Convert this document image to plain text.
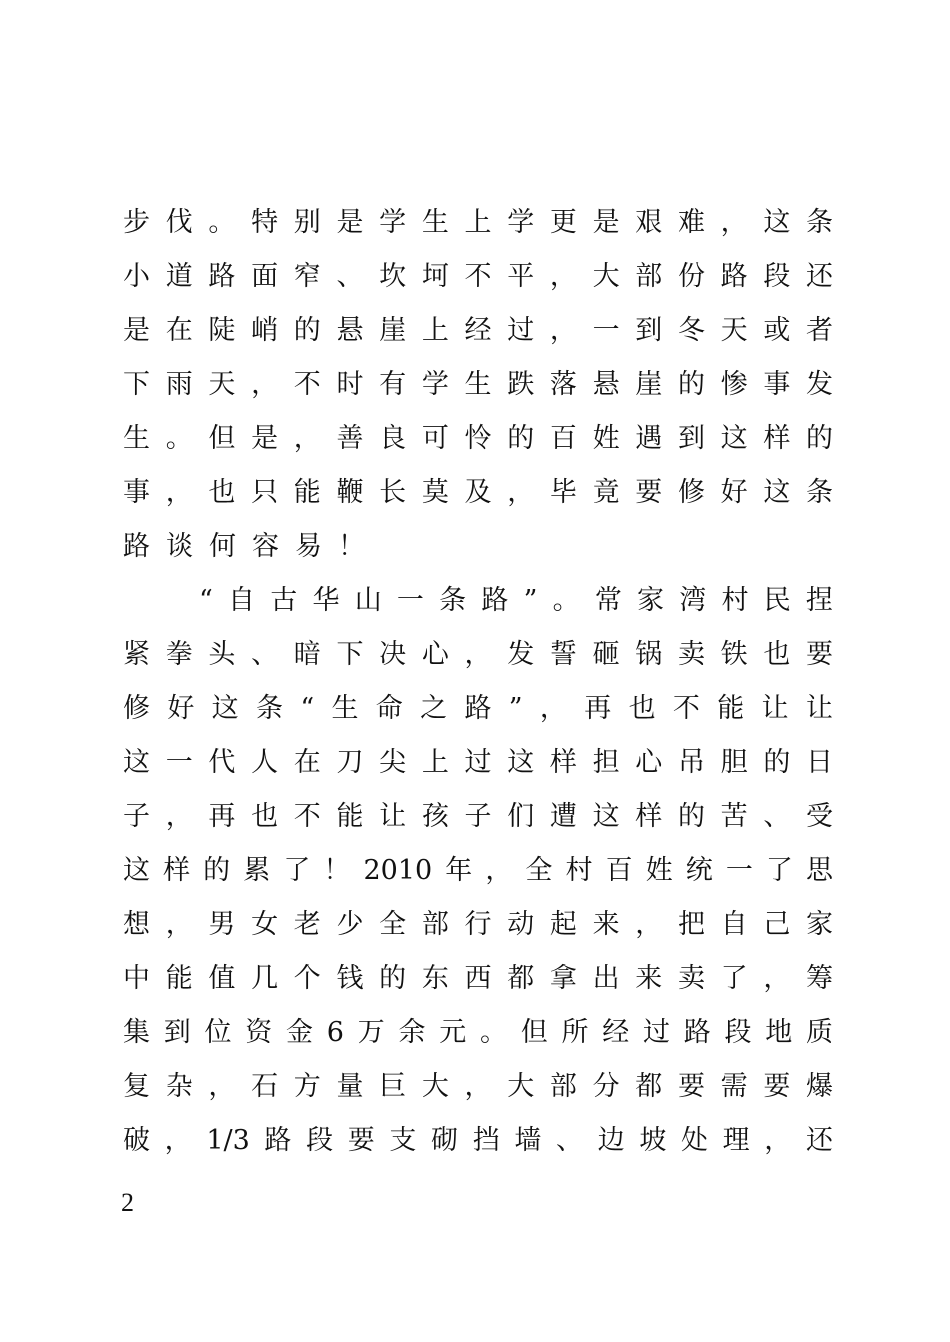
步 伐 。 特 别 是 学 生 上 学 更 是 艰 难 ， 这 条
小 道 路 面 窄 、 坎 坷 不 平 ， 大 部 份 路 段 还
是 在 陡 峭 的 悬 崖 上 经 过 ， 一 到 冬 天 或 者
下 雨 天 ， 不 时 有 学 生 跌 落 悬 崖 的 惨 事 发
生 。 但 是 ， 善 良 可 怜 的 百 姓 遇 到 这 样 的
事 ， 也 只 能 鞭 长 莫 及 ， 毕 竟 要 修 好 这 条
路 谈 何 容 易 ！
“ 自 古 华 山 一 条 路 ” 。 常 家 湾 村 民 捏
紧 拳 头 、 暗 下 决 心 ， 发 誓 砸 锅 卖 铁 也 要
修 好 这 条 “ 生 命 之 路 ” ， 再 也 不 能 让 让
这 一 代 人 在 刀 尖 上 过 这 样 担 心 吊 胆 的 日
子 ， 再 也 不 能 让 孩 子 们 遭 这 样 的 苦 、 受
这 样 的 累 了 ！ 2010 年 ， 全 村 百 姓 统 一 了 思
想 ， 男 女 老 少 全 部 行 动 起 来 ， 把 自 己 家
中 能 值 几 个 钱 的 东 西 都 拿 出 来 卖 了 ， 筹
集 到 位 资 金 6 万 余 元 。 但 所 经 过 路 段 地 质
复 杂 ， 石 方 量 巨 大 ， 大 部 分 都 要 需 要 爆
破 ， 1/3 路 段 要 支 砌 挡 墙 、 边 坡 处 理 ， 还
2
